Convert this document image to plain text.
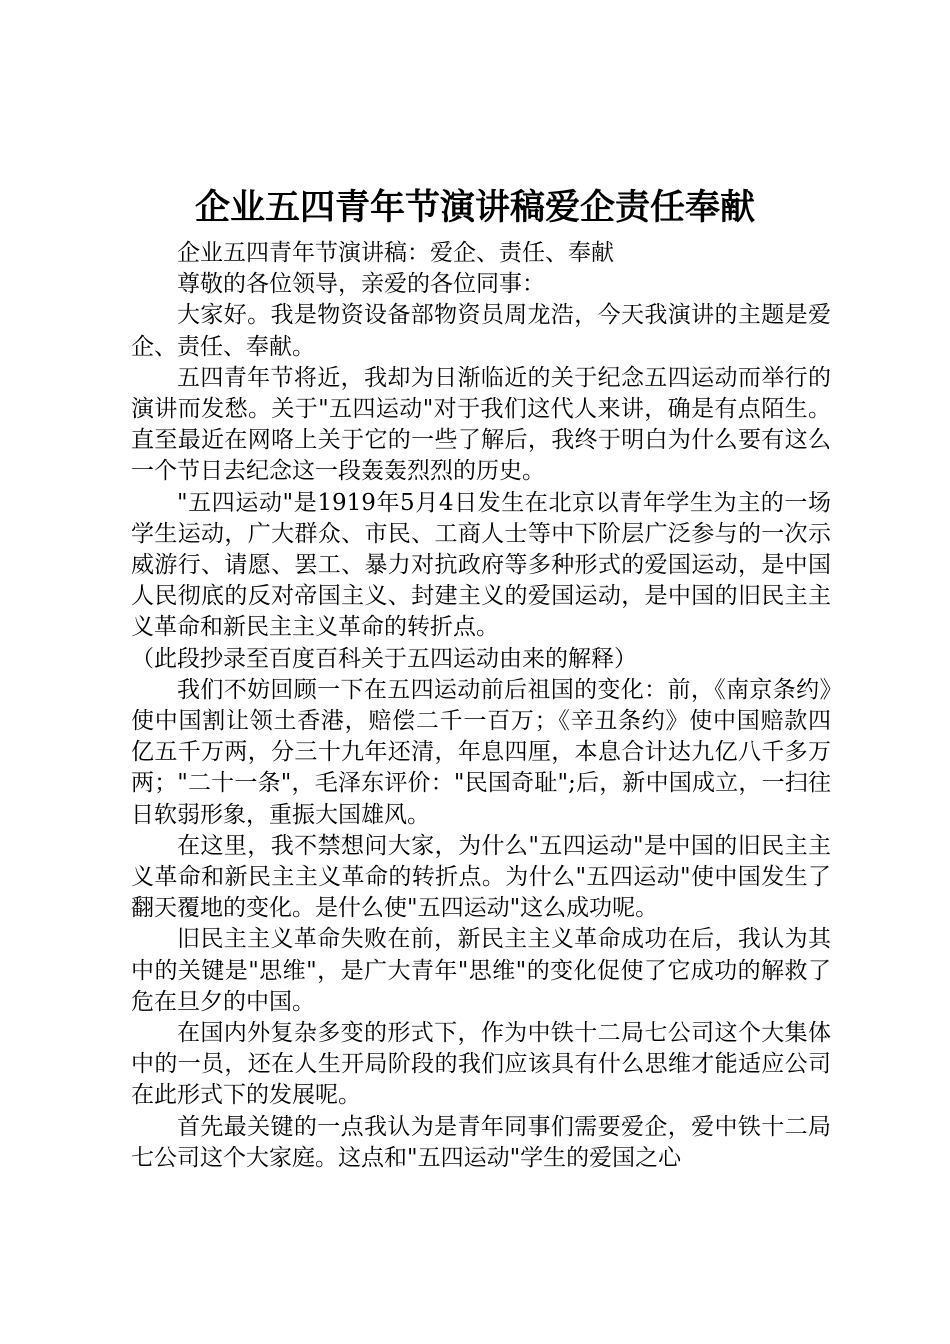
企业五四青年节演讲稿爱企责任奉献

企业五四青年节演讲稿：爱企、责任、奉献

尊敬的各位领导，亲爱的各位同事：

大家好。我是物资设备部物资员周龙浩，今天我演讲的主题是爱企、责任、奉献。

五四青年节将近，我却为日渐临近的关于纪念五四运动而举行的演讲而发愁。关于"五四运动"对于我们这代人来讲，确是有点陌生。直至最近在网咯上关于它的一些了解后，我终于明白为什么要有这么一个节日去纪念这一段轰轰烈烈的历史。

"五四运动"是1919年5月4日发生在北京以青年学生为主的一场学生运动，广大群众、市民、工商人士等中下阶层广泛参与的一次示威游行、请愿、罢工、暴力对抗政府等多种形式的爱国运动，是中国人民彻底的反对帝国主义、封建主义的爱国运动，是中国的旧民主主义革命和新民主主义革命的转折点。

（此段抄录至百度百科关于五四运动由来的解释）

我们不妨回顾一下在五四运动前后祖国的变化：前，《南京条约》使中国割让领土香港，赔偿二千一百万；《辛丑条约》使中国赔款四亿五千万两，分三十九年还清，年息四厘，本息合计达九亿八千多万两；"二十一条"，毛泽东评价："民国奇耻";后，新中国成立，一扫往日软弱形象，重振大国雄风。

在这里，我不禁想问大家，为什么"五四运动"是中国的旧民主主义革命和新民主主义革命的转折点。为什么"五四运动"使中国发生了翻天覆地的变化。是什么使"五四运动"这么成功呢。

旧民主主义革命失败在前，新民主主义革命成功在后，我认为其中的关键是"思维"，是广大青年"思维"的变化促使了它成功的解救了危在旦夕的中国。

在国内外复杂多变的形式下，作为中铁十二局七公司这个大集体中的一员，还在人生开局阶段的我们应该具有什么思维才能适应公司在此形式下的发展呢。

首先最关键的一点我认为是青年同事们需要爱企，爱中铁十二局七公司这个大家庭。这点和"五四运动"学生的爱国之心
